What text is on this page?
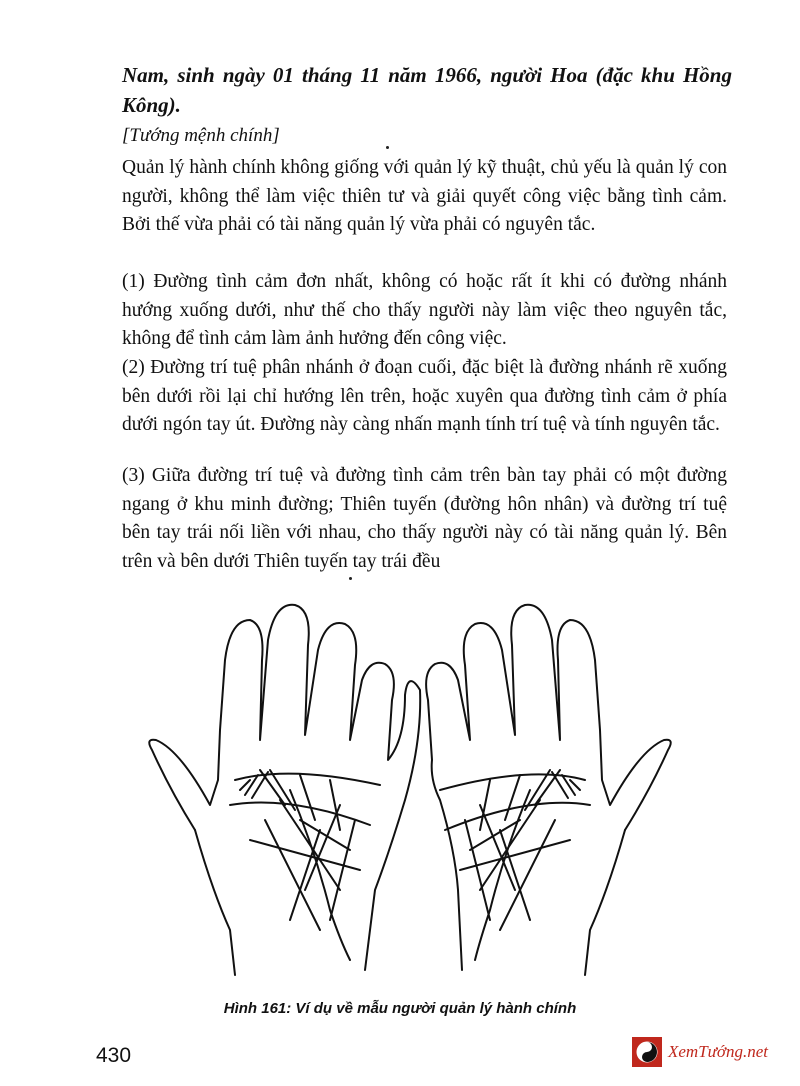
Nam, sinh ngày 01 tháng 11 năm 1966, người Hoa (đặc khu Hồng Kông).
[Tướng mệnh chính]

Quản lý hành chính không giống với quản lý kỹ thuật, chủ yếu là quản lý con người, không thể làm việc thiên tư và giải quyết công việc bằng tình cảm. Bởi thế vừa phải có tài năng quản lý vừa phải có nguyên tắc.

(1) Đường tình cảm đơn nhất, không có hoặc rất ít khi có đường nhánh hướng xuống dưới, như thế cho thấy người này làm việc theo nguyên tắc, không để tình cảm làm ảnh hưởng đến công việc.

(2) Đường trí tuệ phân nhánh ở đoạn cuối, đặc biệt là đường nhánh rẽ xuống bên dưới rồi lại chỉ hướng lên trên, hoặc xuyên qua đường tình cảm ở phía dưới ngón tay út. Đường này càng nhấn mạnh tính trí tuệ và tính nguyên tắc.

(3) Giữa đường trí tuệ và đường tình cảm trên bàn tay phải có một đường ngang ở khu minh đường; Thiên tuyến (đường hôn nhân) và đường trí tuệ bên tay trái nối liền với nhau, cho thấy người này có tài năng quản lý. Bên trên và bên dưới Thiên tuyến tay trái đều

Hình 161: Ví dụ về mẫu người quản lý hành chính
430	XemTướng.net
